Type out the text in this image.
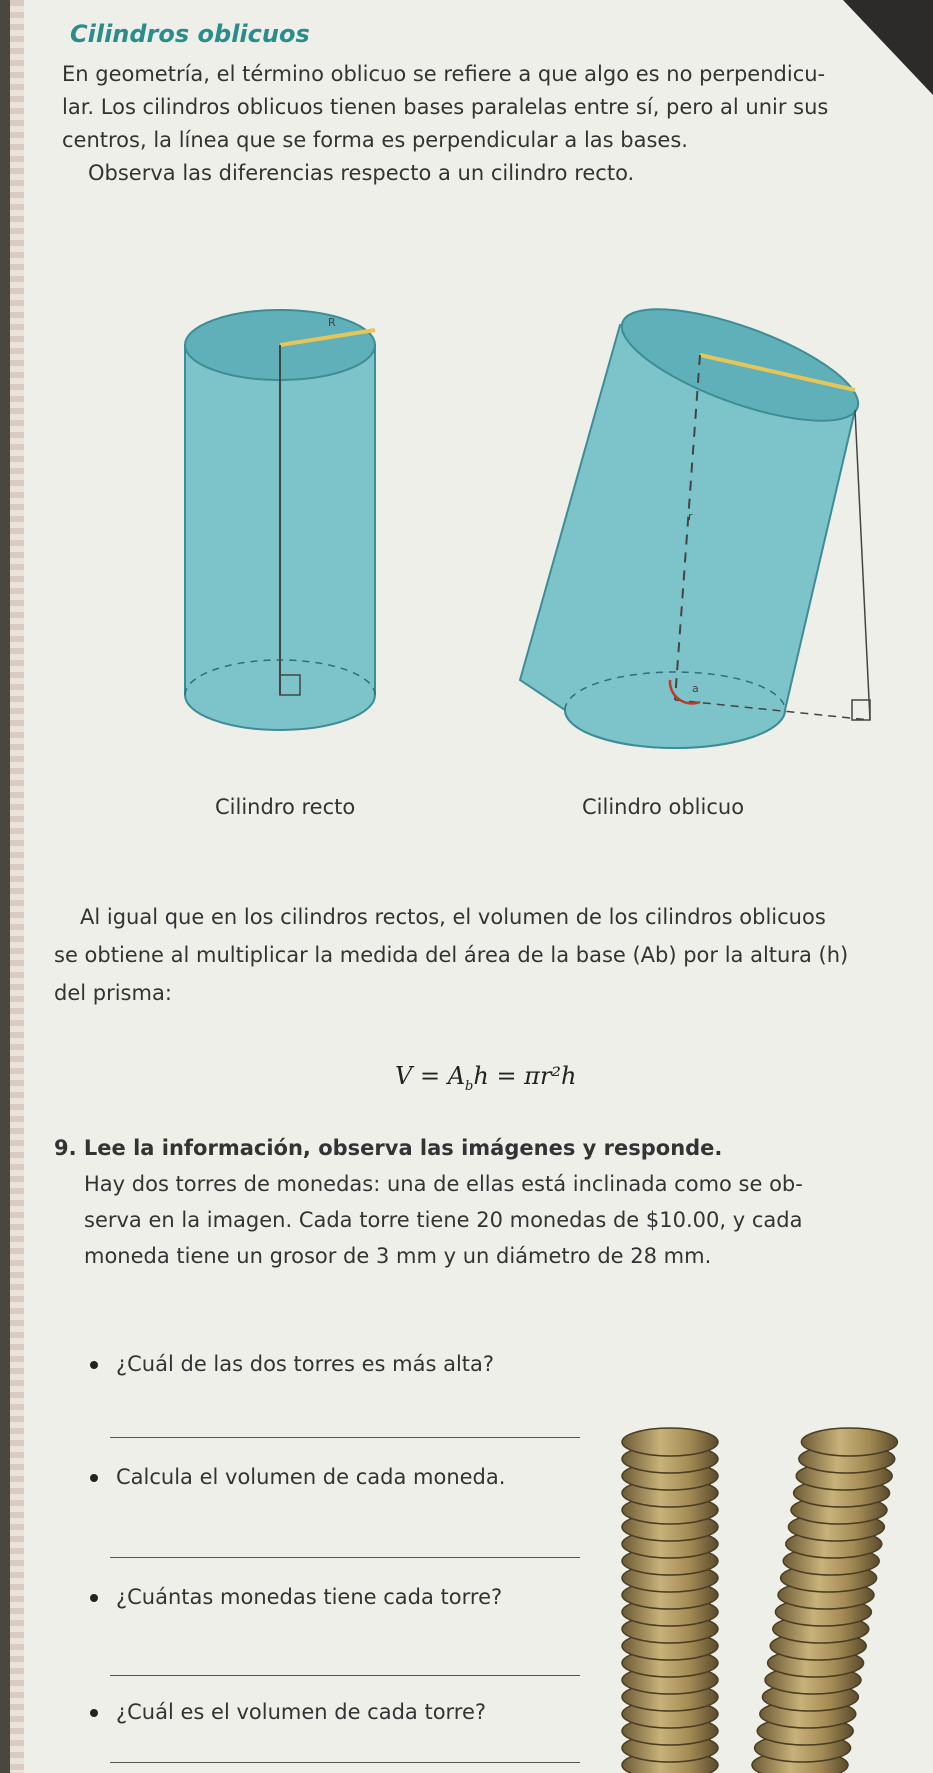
Cilindros oblicuos
En geometría, el término oblicuo se refiere a que algo es no perpendicu-
lar. Los cilindros oblicuos tienen bases paralelas entre sí, pero al unir sus
centros, la línea que se forma es perpendicular a las bases.
Observa las diferencias respecto a un cilindro recto.
R
a
r
Cilindro recto	Cilindro oblicuo
Al igual que en los cilindros rectos, el volumen de los cilindros oblicuos
se obtiene al multiplicar la medida del área de la base (Ab) por la altura (h)
del prisma:
$V = A_bh = \pi r^2h$
9. Lee la información, observa las imágenes y responde.
Hay dos torres de monedas: una de ellas está inclinada como se ob-
serva en la imagen. Cada torre tiene 20 monedas de $10.00, y cada
moneda tiene un grosor de 3 mm y un diámetro de 28 mm.
¿Cuál de las dos torres es más alta?
Calcula el volumen de cada moneda.
¿Cuántas monedas tiene cada torre?
¿Cuál es el volumen de cada torre?
